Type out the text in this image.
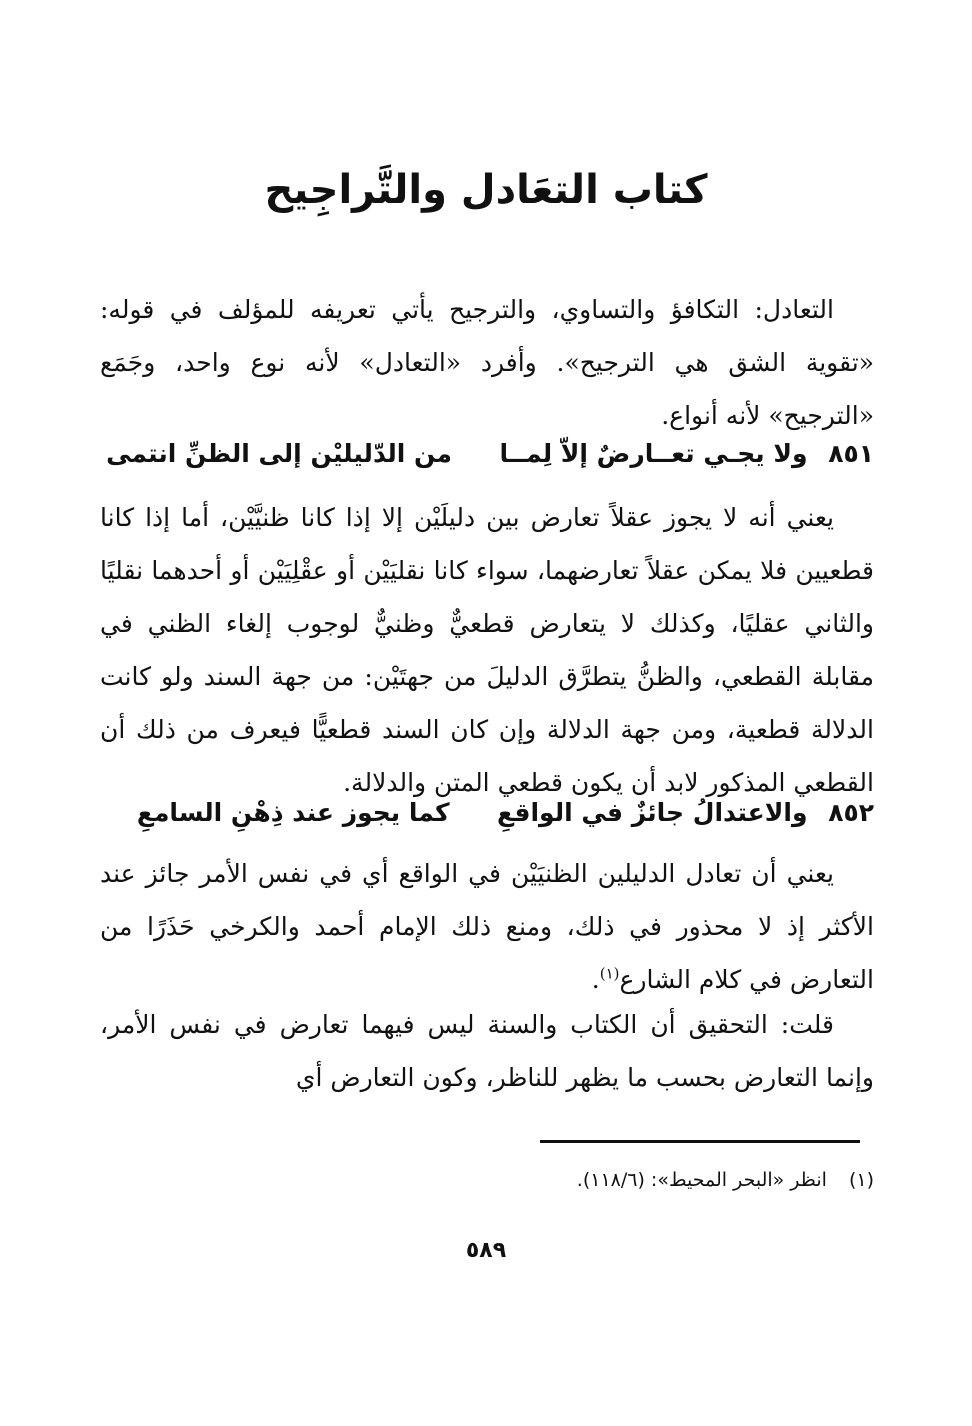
كتاب التعَادل والتَّراجِيح

التعادل: التكافؤ والتساوي، والترجيح يأتي تعريفه للمؤلف في قوله: «تقوية الشق هي الترجيح». وأفرد «التعادل» لأنه نوع واحد، وجَمَع «الترجيح» لأنه أنواع.

٨٥١ ولا يجـي تعــارضٌ إلاّ لِمــا  من الدّليليْن إلى الظنِّ انتمى

يعني أنه لا يجوز عقلاً تعارض بين دليلَيْن إلا إذا كانا ظنيَّيْن، أما إذا كانا قطعيين فلا يمكن عقلاً تعارضهما، سواء كانا نقليَيْن أو عقْلِيَيْن أو أحدهما نقليًا والثاني عقليًا، وكذلك لا يتعارض قطعيٌّ وظنيٌّ لوجوب إلغاء الظني في مقابلة القطعي، والظنُّ يتطرَّق الدليلَ من جهتَيْن: من جهة السند ولو كانت الدلالة قطعية، ومن جهة الدلالة وإن كان السند قطعيًّا فيعرف من ذلك أن القطعي المذكور لابد أن يكون قطعي المتن والدلالة.

٨٥٢ والاعتدالُ جائزٌ في الواقعِ  كما يجوز عند ذِهْنِ السامعِ

يعني أن تعادل الدليلين الظنيَيْن في الواقع أي في نفس الأمر جائز عند الأكثر إذ لا محذور في ذلك، ومنع ذلك الإمام أحمد والكرخي حَذَرًا من التعارض في كلام الشارع$^{(١)}$.

قلت: التحقيق أن الكتاب والسنة ليس فيهما تعارض في نفس الأمر، وإنما التعارض بحسب ما يظهر للناظر، وكون التعارض أي

(١)انظر «البحر المحيط»: (١١٨/٦).
٥٨٩
